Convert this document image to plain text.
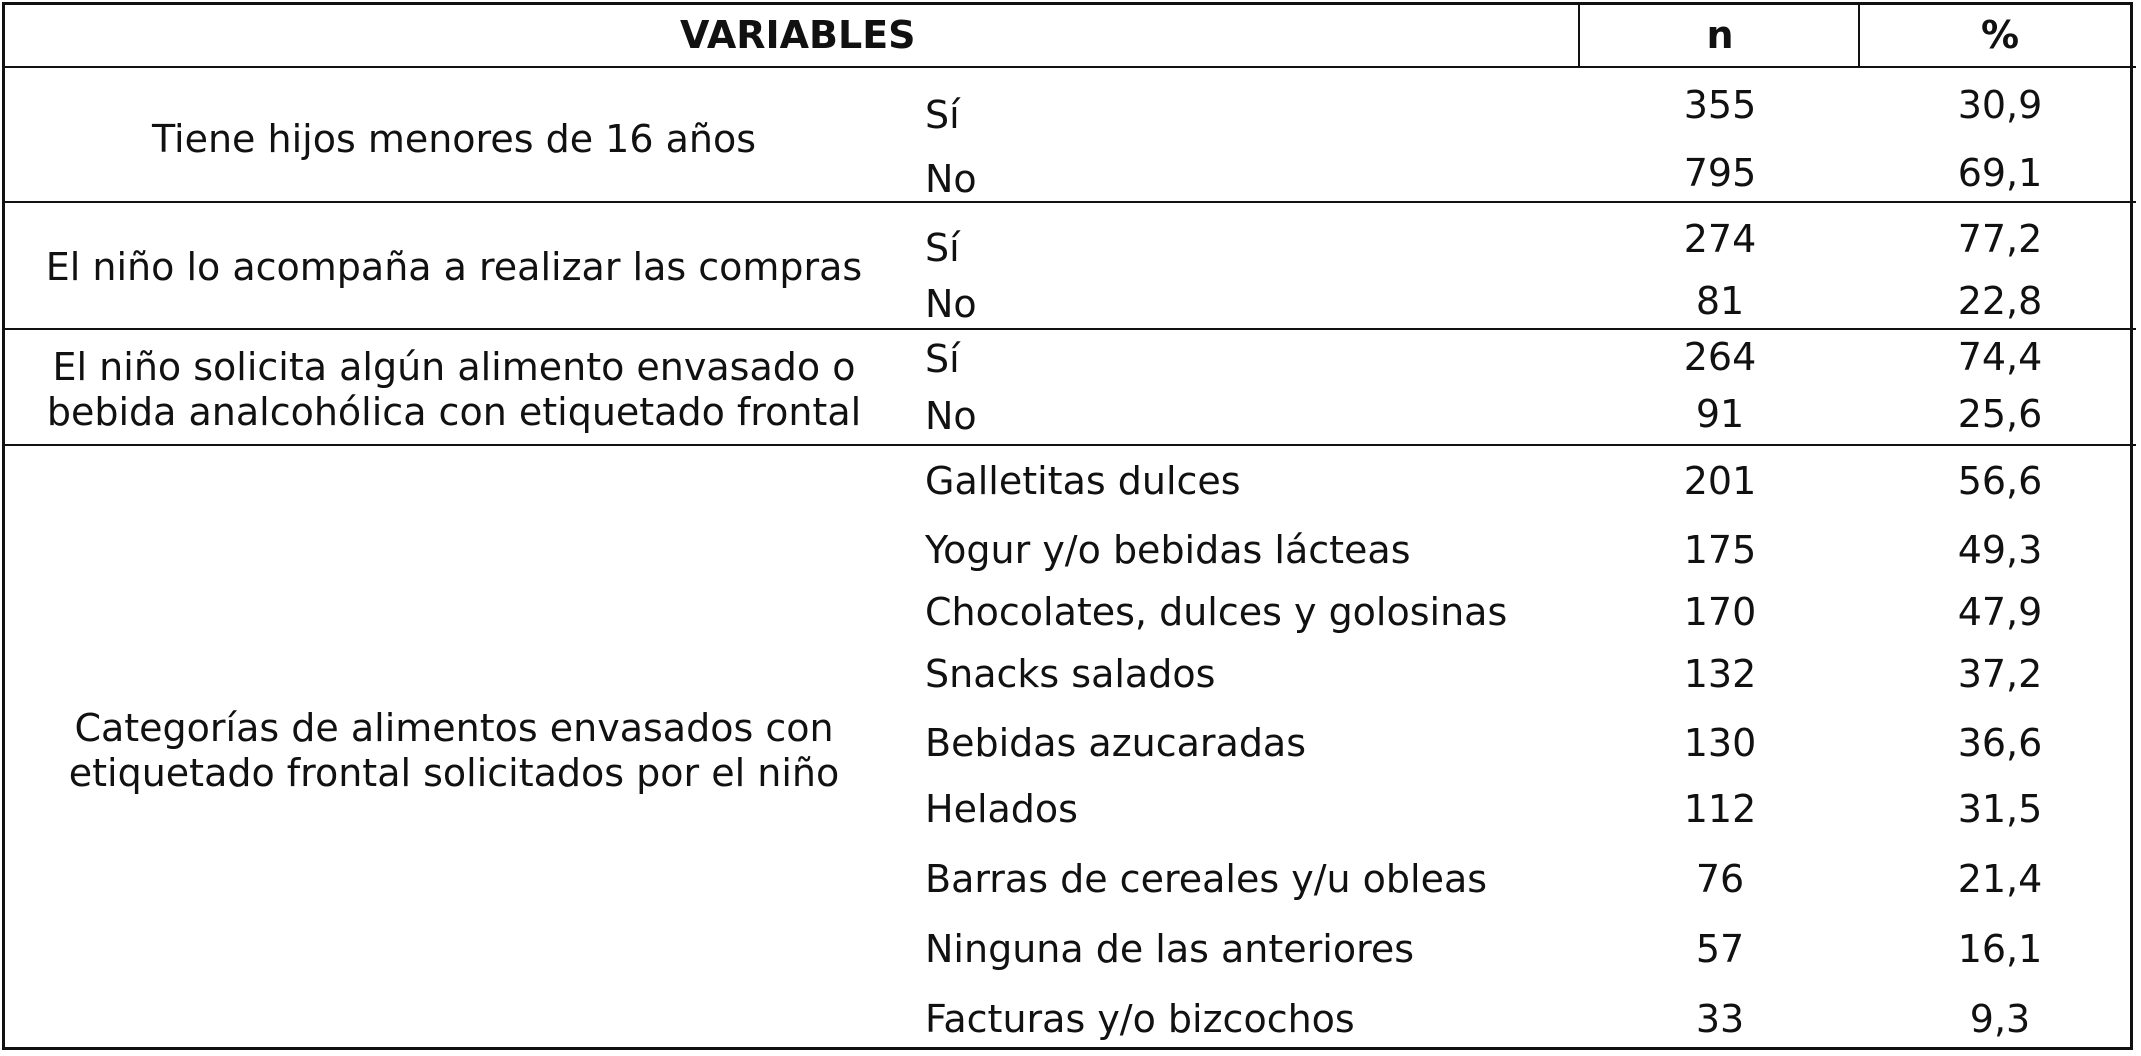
VARIABLES	n	%
Tiene hijos menores de 16 años
Sí	355	30,9
No	795	69,1
El niño lo acompaña a realizar las compras	Sí	274	77,2
No	81	22,8
El niño solicita algún alimento envasado o
bebida analcohólica con etiquetado frontal
Sí	264	74,4
No	91	25,6
Categorías de alimentos envasados con
etiquetado frontal solicitados por el niño
Galletitas dulces	201	56,6
Yogur y/o bebidas lácteas	175	49,3
Chocolates, dulces y golosinas	170	47,9
Snacks salados	132	37,2
Bebidas azucaradas	130	36,6
Helados	112	31,5
Barras de cereales y/u obleas	76	21,4
Ninguna de las anteriores	57	16,1
Facturas y/o bizcochos	33	9,3
